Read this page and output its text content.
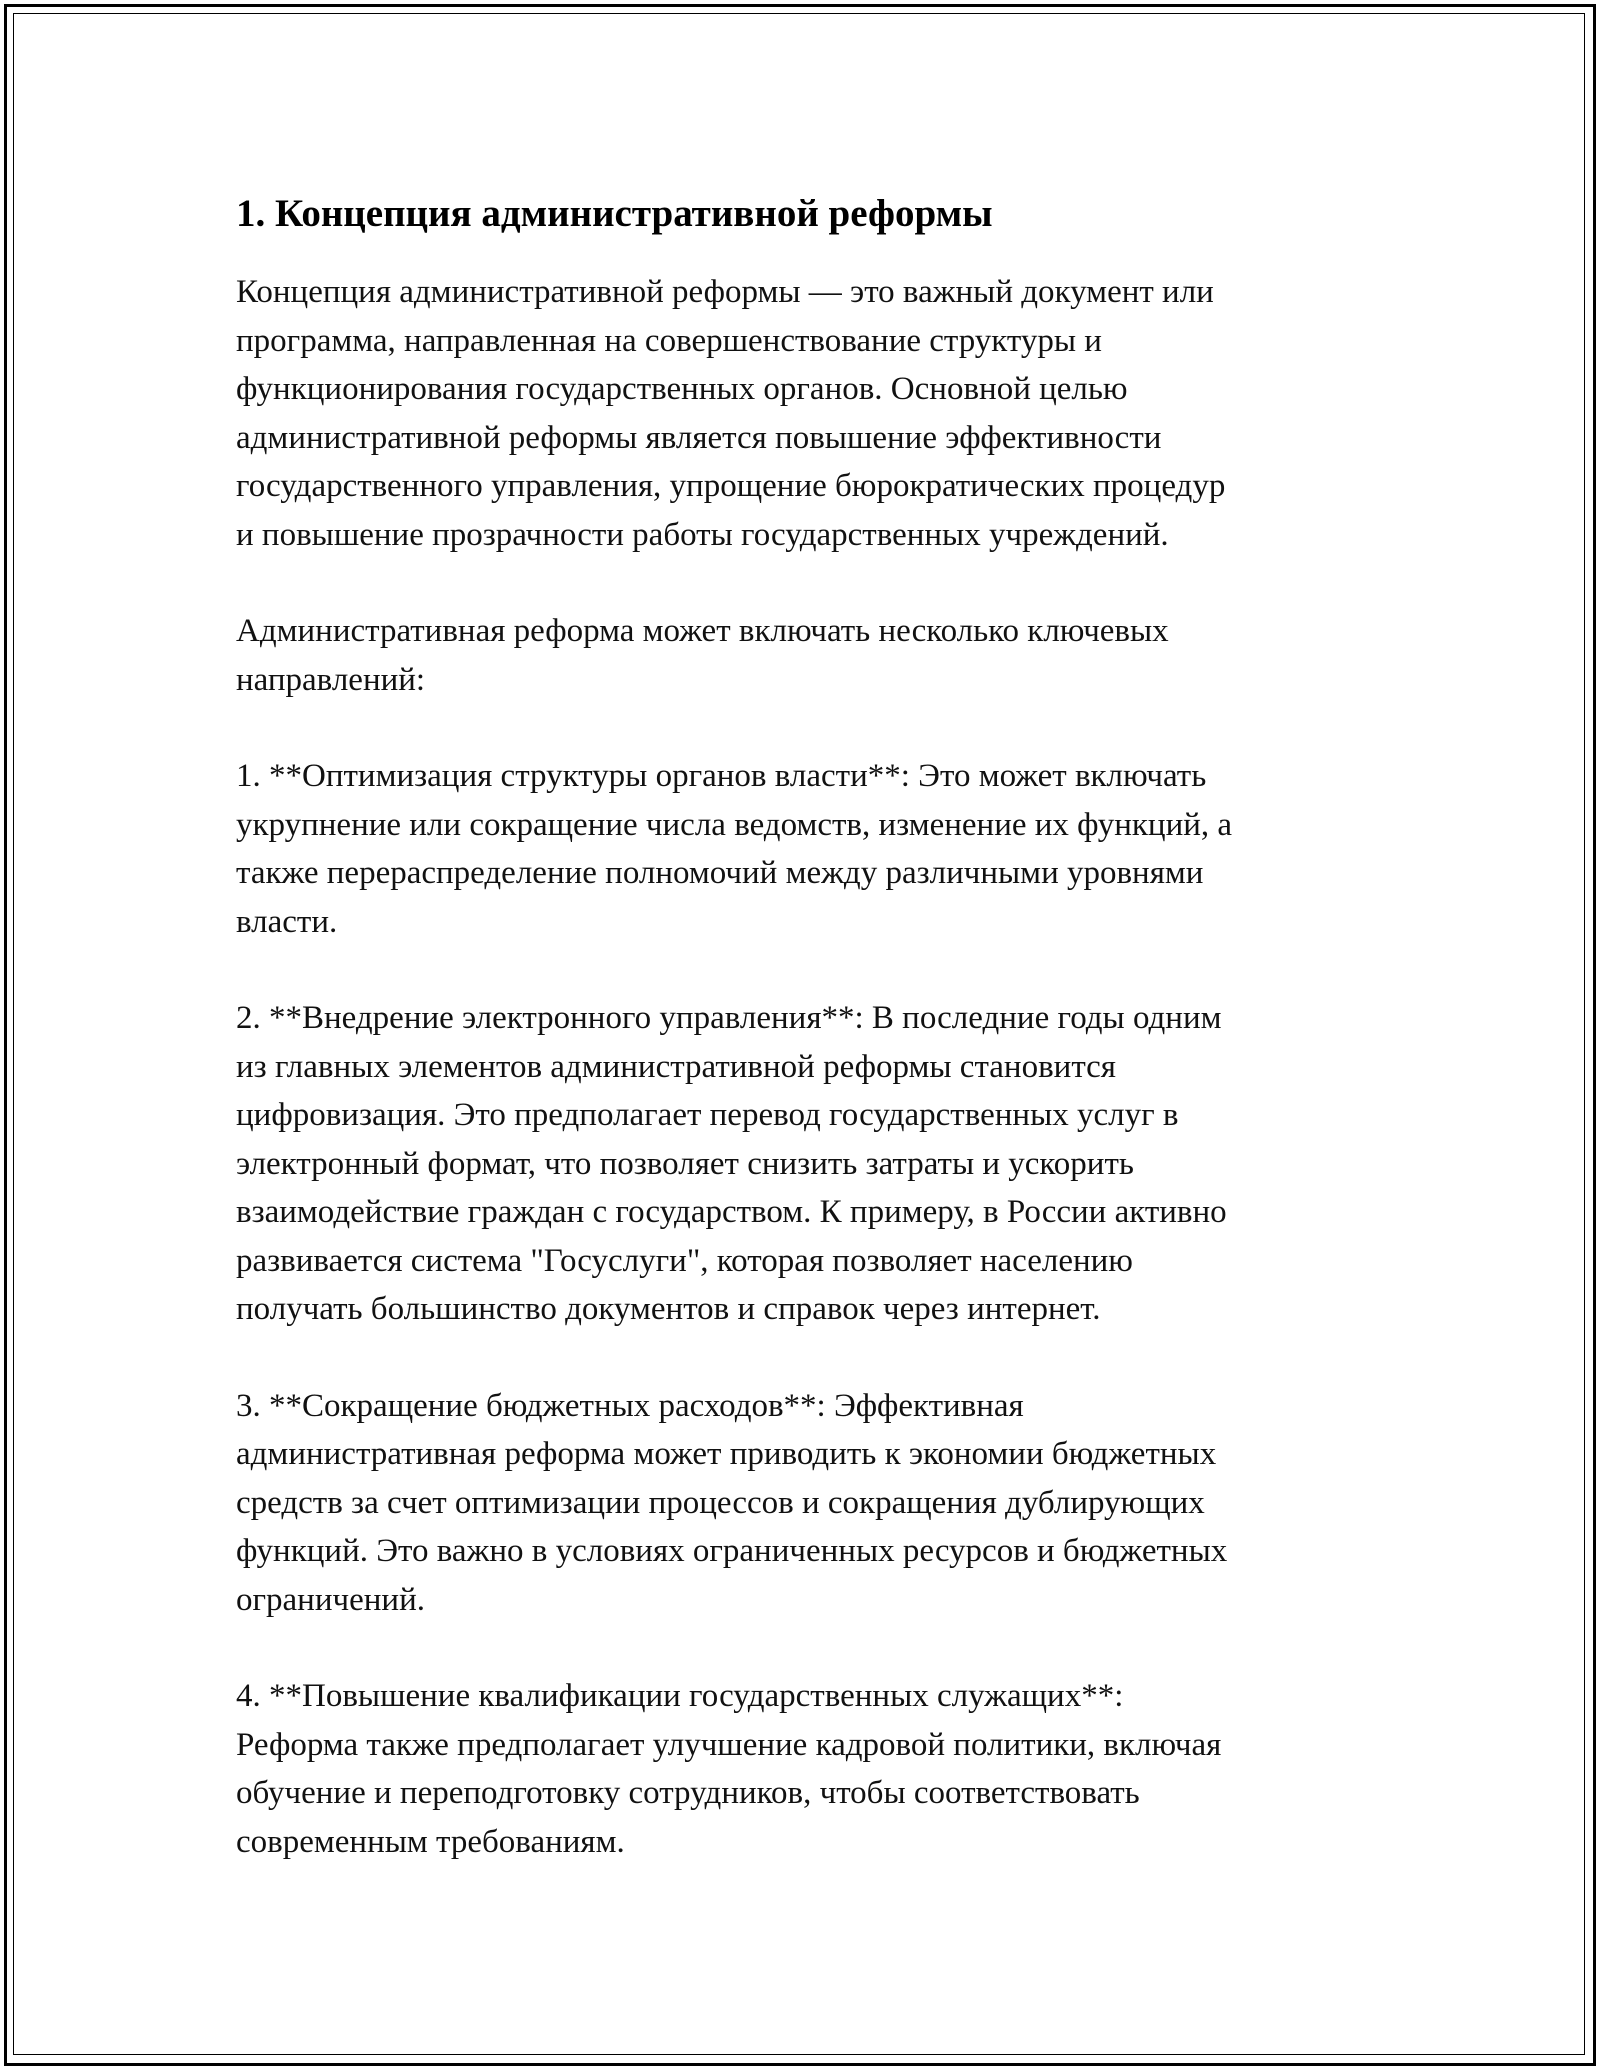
1. Концепция административной реформы

Концепция административной реформы — это важный документ или
программа, направленная на совершенствование структуры и
функционирования государственных органов. Основной целью
административной реформы является повышение эффективности
государственного управления, упрощение бюрократических процедур
и повышение прозрачности работы государственных учреждений.

Административная реформа может включать несколько ключевых
направлений:

1. **Оптимизация структуры органов власти**: Это может включать
укрупнение или сокращение числа ведомств, изменение их функций, а
также перераспределение полномочий между различными уровнями
власти.

2. **Внедрение электронного управления**: В последние годы одним
из главных элементов административной реформы становится
цифровизация. Это предполагает перевод государственных услуг в
электронный формат, что позволяет снизить затраты и ускорить
взаимодействие граждан с государством. К примеру, в России активно
развивается система "Госуслуги", которая позволяет населению
получать большинство документов и справок через интернет.

3. **Сокращение бюджетных расходов**: Эффективная
административная реформа может приводить к экономии бюджетных
средств за счет оптимизации процессов и сокращения дублирующих
функций. Это важно в условиях ограниченных ресурсов и бюджетных
ограничений.

4. **Повышение квалификации государственных служащих**:
Реформа также предполагает улучшение кадровой политики, включая
обучение и переподготовку сотрудников, чтобы соответствовать
современным требованиям.
